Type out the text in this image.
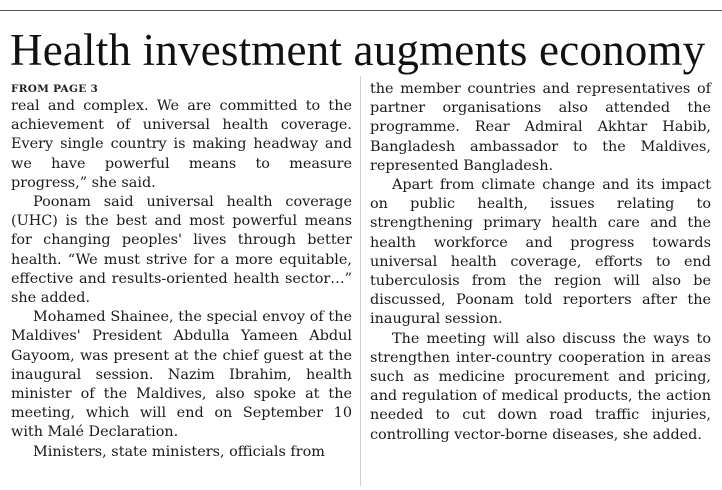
Health investment augments economy
FROM PAGE 3

real and complex. We are committed to the achievement of universal health coverage. Every single country is making headway and we have powerful means to measure progress,” she said.

Poonam said universal health coverage (UHC) is the best and most powerful means for changing peoples' lives through better health. “We must strive for a more equitable, effective and results-oriented health sector…” she added.

Mohamed Shainee, the special envoy of the Maldives' President Abdulla Yameen Abdul Gayoom, was present at the chief guest at the inaugural session. Nazim Ibrahim, health minister of the Maldives, also spoke at the meeting, which will end on September 10 with Malé Declaration.

Ministers, state ministers, officials from

the member countries and representatives of partner organisations also attended the programme. Rear Admiral Akhtar Habib, Bangladesh ambassador to the Maldives, represented Bangladesh.

Apart from climate change and its impact on public health, issues relating to strengthening primary health care and the health workforce and progress towards universal health coverage, efforts to end tuberculosis from the region will also be discussed, Poonam told reporters after the inaugural session.

The meeting will also discuss the ways to strengthen inter-country cooperation in areas such as medicine procurement and pricing, and regulation of medical products, the action needed to cut down road traffic injuries, controlling vector-borne diseases, she added.
